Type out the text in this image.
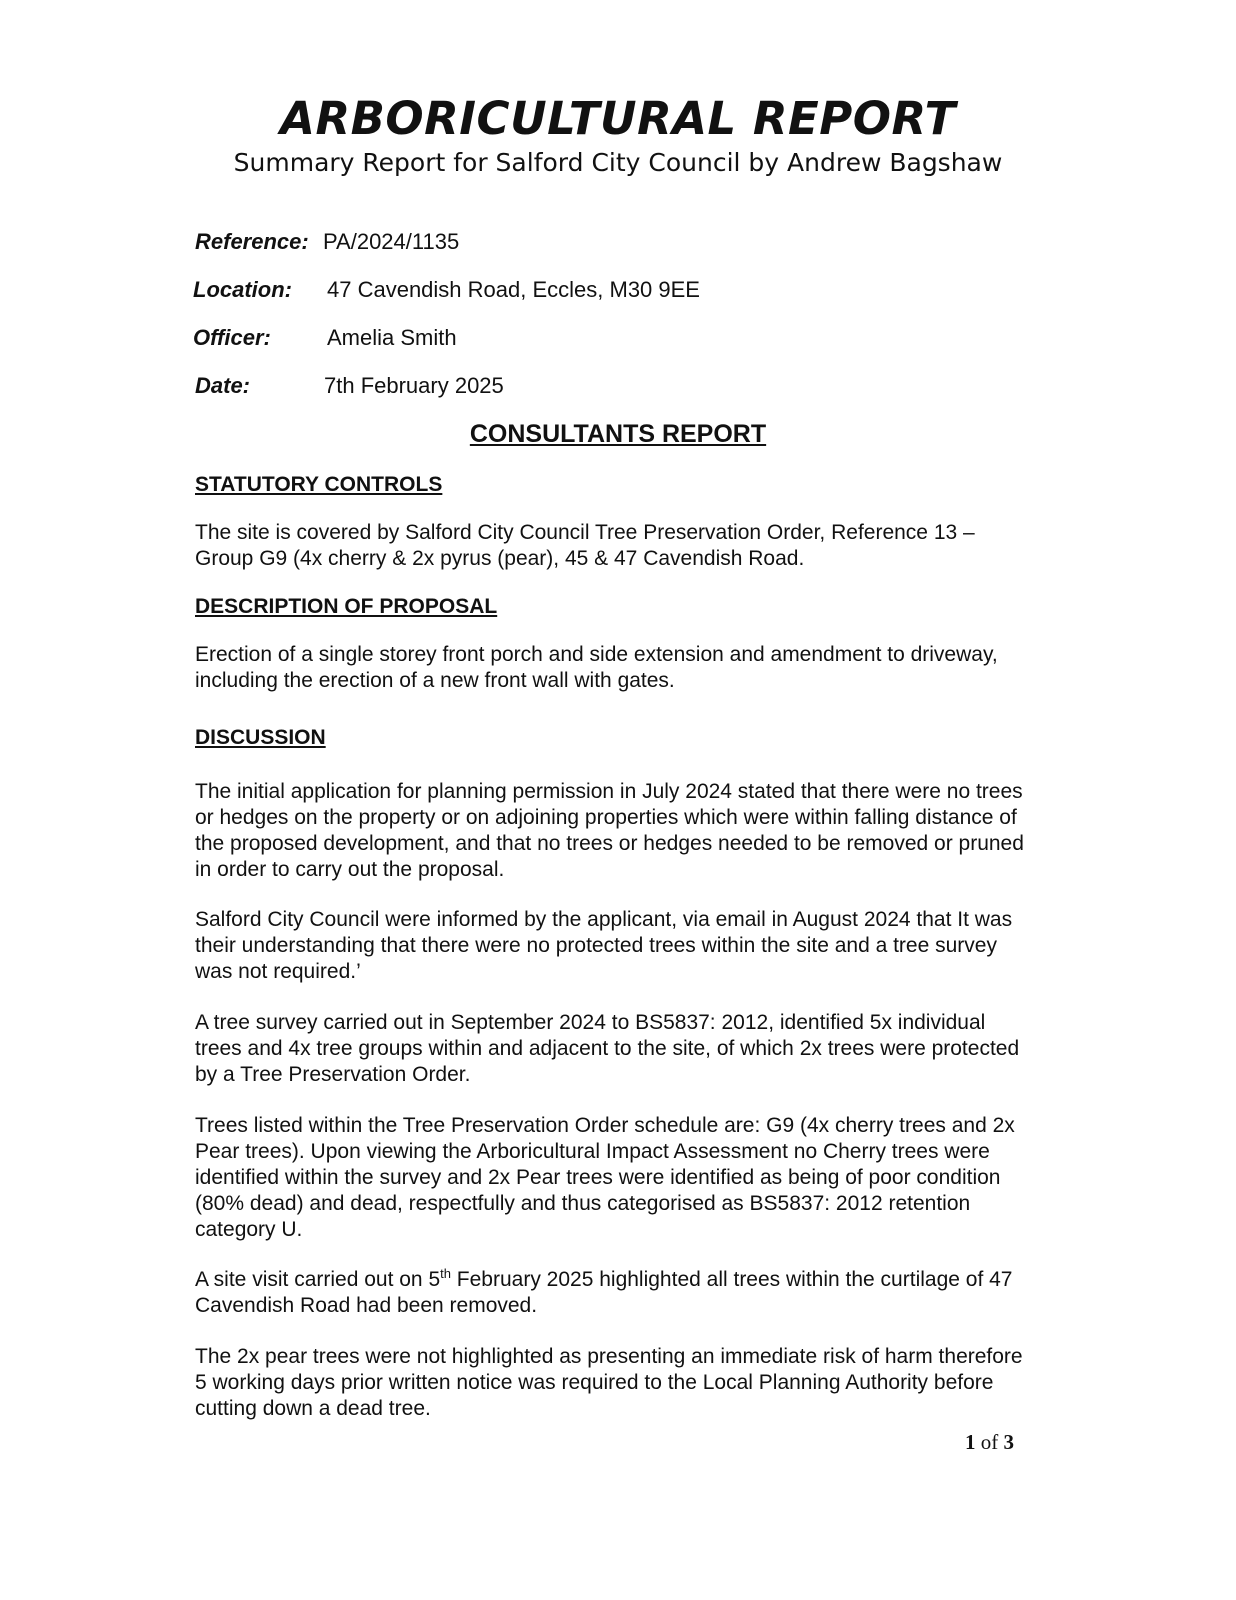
ARBORICULTURAL REPORT
Summary Report for Salford City Council by Andrew Bagshaw
Reference: PA/2024/1135
Location: 47 Cavendish Road, Eccles, M30 9EE
Officer:	Amelia Smith
Date:	7th February 2025
CONSULTANTS REPORT
STATUTORY CONTROLS

The site is covered by Salford City Council Tree Preservation Order, Reference 13 – Group G9 (4x cherry & 2x pyrus (pear), 45 & 47 Cavendish Road.

DESCRIPTION OF PROPOSAL

Erection of a single storey front porch and side extension and amendment to driveway, including the erection of a new front wall with gates.

DISCUSSION

The initial application for planning permission in July 2024 stated that there were no trees or hedges on the property or on adjoining properties which were within falling distance of the proposed development, and that no trees or hedges needed to be removed or pruned in order to carry out the proposal.

Salford City Council were informed by the applicant, via email in August 2024 that It was their understanding that there were no protected trees within the site and a tree survey was not required.’

A tree survey carried out in September 2024 to BS5837: 2012, identified 5x individual trees and 4x tree groups within and adjacent to the site, of which 2x trees were protected by a Tree Preservation Order.

Trees listed within the Tree Preservation Order schedule are: G9 (4x cherry trees and 2x Pear trees). Upon viewing the Arboricultural Impact Assessment no Cherry trees were identified within the survey and 2x Pear trees were identified as being of poor condition (80% dead) and dead, respectfully and thus categorised as BS5837: 2012 retention category U.

A site visit carried out on 5th February 2025 highlighted all trees within the curtilage of 47 Cavendish Road had been removed.

The 2x pear trees were not highlighted as presenting an immediate risk of harm therefore 5 working days prior written notice was required to the Local Planning Authority before cutting down a dead tree.

1 of 3
